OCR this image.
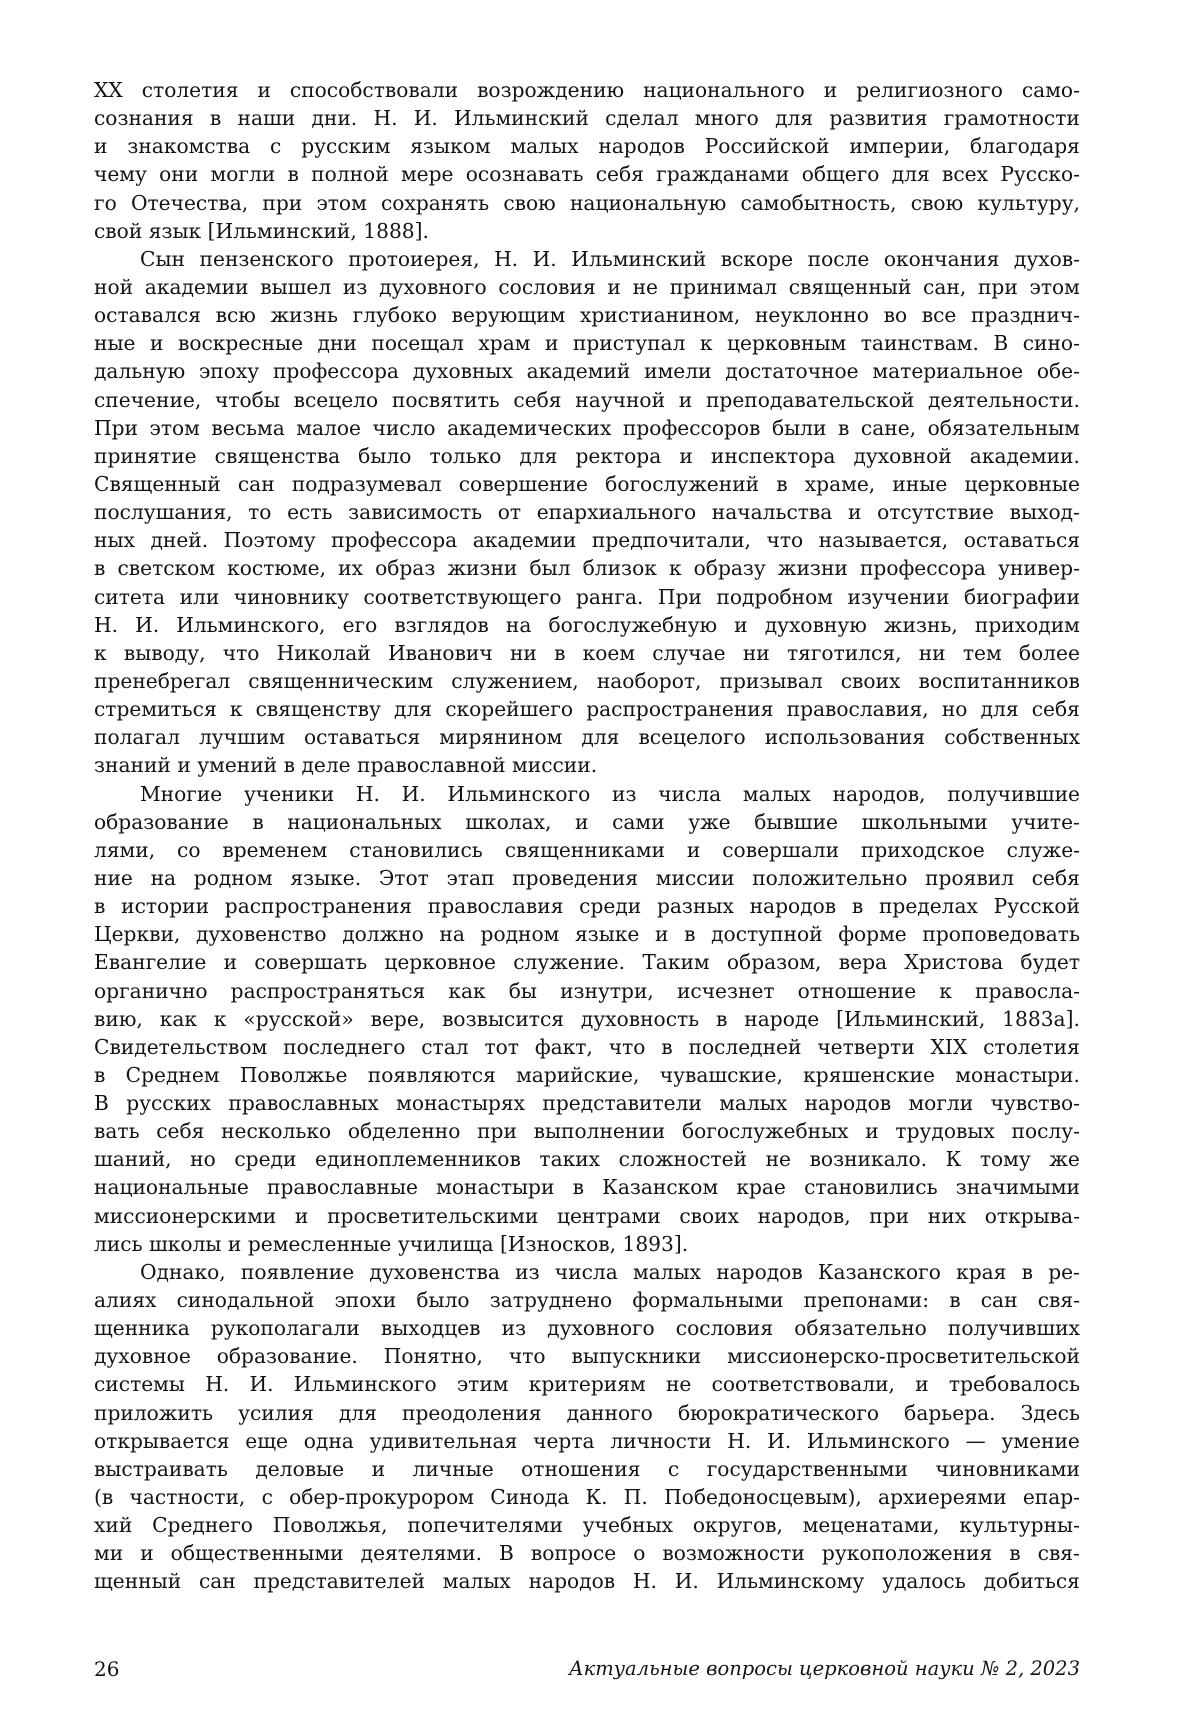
XX столетия и способствовали возрождению национального и религиозного само-
сознания в наши дни. Н. И. Ильминский сделал много для развития грамотности
и знакомства с русским языком малых народов Российской империи, благодаря
чему они могли в полной мере осознавать себя гражданами общего для всех Русско-
го Отечества, при этом сохранять свою национальную самобытность, свою культуру,
свой язык [Ильминский, 1888].
Сын пензенского протоиерея, Н. И. Ильминский вскоре после окончания духов-
ной академии вышел из духовного сословия и не принимал священный сан, при этом
оставался всю жизнь глубоко верующим христианином, неуклонно во все празднич-
ные и воскресные дни посещал храм и приступал к церковным таинствам. В сино-
дальную эпоху профессора духовных академий имели достаточное материальное обе-
спечение, чтобы всецело посвятить себя научной и преподавательской деятельности.
При этом весьма малое число академических профессоров были в сане, обязательным
принятие священства было только для ректора и инспектора духовной академии.
Священный сан подразумевал совершение богослужений в храме, иные церковные
послушания, то есть зависимость от епархиального начальства и отсутствие выход-
ных дней. Поэтому профессора академии предпочитали, что называется, оставаться
в светском костюме, их образ жизни был близок к образу жизни профессора универ-
ситета или чиновнику соответствующего ранга. При подробном изучении биографии
Н. И. Ильминского, его взглядов на богослужебную и духовную жизнь, приходим
к выводу, что Николай Иванович ни в коем случае ни тяготился, ни тем более
пренебрегал священническим служением, наоборот, призывал своих воспитанников
стремиться к священству для скорейшего распространения православия, но для себя
полагал лучшим оставаться мирянином для всецелого использования собственных
знаний и умений в деле православной миссии.
Многие ученики Н. И. Ильминского из числа малых народов, получившие
образование в национальных школах, и сами уже бывшие школьными учите-
лями, со временем становились священниками и совершали приходское служе-
ние на родном языке. Этот этап проведения миссии положительно проявил себя
в истории распространения православия среди разных народов в пределах Русской
Церкви, духовенство должно на родном языке и в доступной форме проповедовать
Евангелие и совершать церковное служение. Таким образом, вера Христова будет
органично распространяться как бы изнутри, исчезнет отношение к правосла-
вию, как к «русской» вере, возвысится духовность в народе [Ильминский, 1883а].
Свидетельством последнего стал тот факт, что в последней четверти XIX столетия
в Среднем Поволжье появляются марийские, чувашские, кряшенские монастыри.
В русских православных монастырях представители малых народов могли чувство-
вать себя несколько обделенно при выполнении богослужебных и трудовых послу-
шаний, но среди единоплеменников таких сложностей не возникало. К тому же
национальные православные монастыри в Казанском крае становились значимыми
миссионерскими и просветительскими центрами своих народов, при них открыва-
лись школы и ремесленные училища [Износков, 1893].
Однако, появление духовенства из числа малых народов Казанского края в ре-
алиях синодальной эпохи было затруднено формальными препонами: в сан свя-
щенника рукополагали выходцев из духовного сословия обязательно получивших
духовное образование. Понятно, что выпускники миссионерско-просветительской
системы Н. И. Ильминского этим критериям не соответствовали, и требовалось
приложить усилия для преодоления данного бюрократического барьера. Здесь
открывается еще одна удивительная черта личности Н. И. Ильминского — умение
выстраивать деловые и личные отношения с государственными чиновниками
(в частности, с обер-прокурором Синода К. П. Победоносцевым), архиереями епар-
хий Среднего Поволжья, попечителями учебных округов, меценатами, культурны-
ми и общественными деятелями. В вопросе о возможности рукоположения в свя-
щенный сан представителей малых народов Н. И. Ильминскому удалось добиться
26	Актуальные вопросы церковной науки № 2, 2023
